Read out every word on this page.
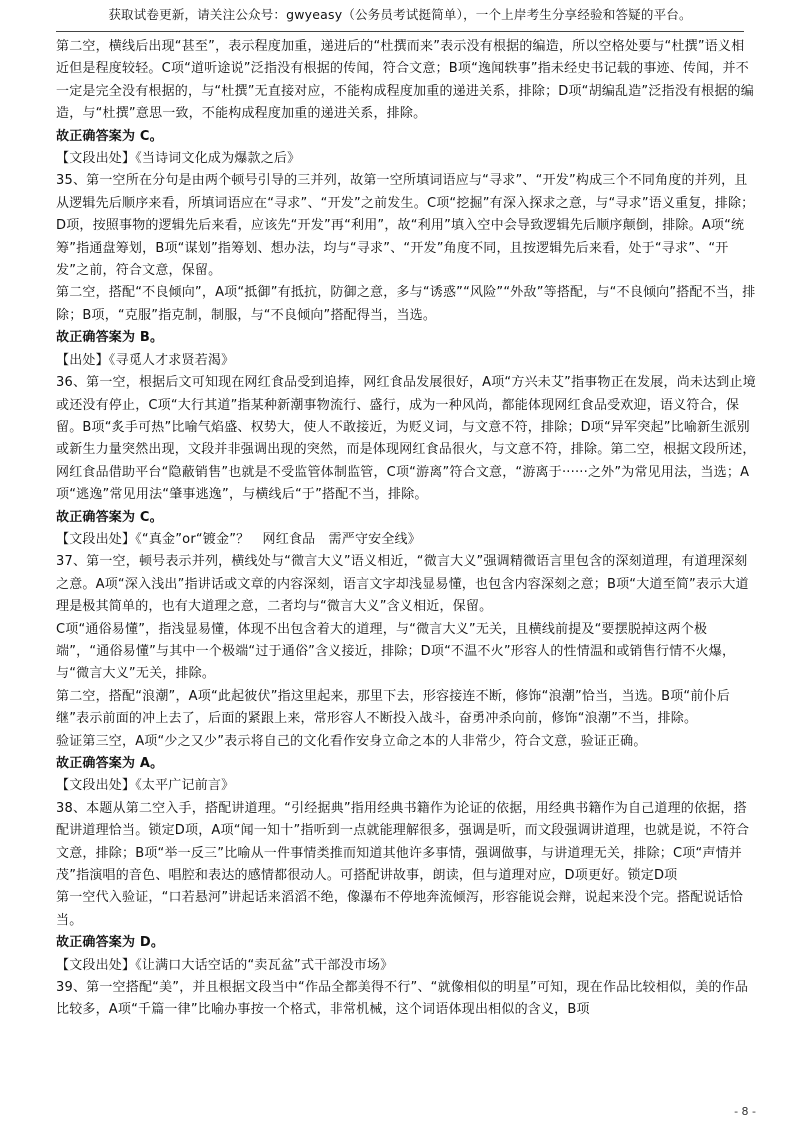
获取试卷更新，请关注公众号：gwyeasy（公务员考试挺简单），一个上岸考生分享经验和答疑的平台。

第二空，横线后出现“甚至”，表示程度加重，递进后的“杜撰而来”表示没有根据的编造，所以空格处要与“杜撰”语义相近但是程度较轻。C项“道听途说”泛指没有根据的传闻，符合文意；B项“逸闻轶事”指未经史书记载的事迹、传闻，并不一定是完全没有根据的，与“杜撰”无直接对应，不能构成程度加重的递进关系，排除；D项“胡编乱造”泛指没有根据的编造，与“杜撰”意思一致，不能构成程度加重的递进关系，排除。

故正确答案为 C。

【文段出处】《当诗词文化成为爆款之后》

35、第一空所在分句是由两个顿号引导的三并列，故第一空所填词语应与“寻求”、“开发”构成三个不同角度的并列，且从逻辑先后顺序来看，所填词语应在“寻求”、“开发”之前发生。C项“挖掘”有深入探求之意，与“寻求”语义重复，排除；D项，按照事物的逻辑先后来看，应该先“开发”再“利用”，故“利用”填入空中会导致逻辑先后顺序颠倒，排除。A项“统筹”指通盘筹划，B项“谋划”指筹划、想办法，均与“寻求”、“开发”角度不同，且按逻辑先后来看，处于“寻求”、“开发”之前，符合文意，保留。

第二空，搭配“不良倾向”，A项“抵御”有抵抗，防御之意，多与“诱惑”“风险”“外敌”等搭配，与“不良倾向”搭配不当，排除；B项，“克服”指克制，制服，与“不良倾向”搭配得当，当选。

故正确答案为 B。

【出处】《寻觅人才求贤若渴》

36、第一空，根据后文可知现在网红食品受到追捧，网红食品发展很好，A项“方兴未艾”指事物正在发展，尚未达到止境或还没有停止，C项“大行其道”指某种新潮事物流行、盛行，成为一种风尚，都能体现网红食品受欢迎，语义符合，保留。B项“炙手可热”比喻气焰盛、权势大，使人不敢接近，为贬义词，与文意不符，排除；D项“异军突起”比喻新生派别或新生力量突然出现，文段并非强调出现的突然，而是体现网红食品很火，与文意不符，排除。第二空，根据文段所述，网红食品借助平台“隐蔽销售”也就是不受监管体制监管，C项“游离”符合文意，“游离于······之外”为常见用法，当选；A项“逃逸”常见用法“肇事逃逸”，与横线后“于”搭配不当，排除。

故正确答案为 C。

【文段出处】《“真金”or“镀金”？　网红食品　需严守安全线》

37、第一空，顿号表示并列，横线处与“微言大义”语义相近，“微言大义”强调精微语言里包含的深刻道理，有道理深刻之意。A项“深入浅出”指讲话或文章的内容深刻，语言文字却浅显易懂，也包含内容深刻之意；B项“大道至简”表示大道理是极其简单的，也有大道理之意，二者均与“微言大义”含义相近，保留。

C项“通俗易懂”，指浅显易懂，体现不出包含着大的道理，与“微言大义”无关，且横线前提及“要摆脱掉这两个极端”，“通俗易懂”与其中一个极端“过于通俗”含义接近，排除；D项“不温不火”形容人的性情温和或销售行情不火爆，与“微言大义”无关，排除。

第二空，搭配“浪潮”，A项“此起彼伏”指这里起来，那里下去，形容接连不断，修饰“浪潮”恰当，当选。B项“前仆后继”表示前面的冲上去了，后面的紧跟上来，常形容人不断投入战斗，奋勇冲杀向前，修饰“浪潮”不当，排除。

验证第三空，A项“少之又少”表示将自己的文化看作安身立命之本的人非常少，符合文意，验证正确。

故正确答案为 A。

【文段出处】《太平广记前言》

38、本题从第二空入手，搭配讲道理。“引经据典”指用经典书籍作为论证的依据，用经典书籍作为自己道理的依据，搭配讲道理恰当。锁定D项，A项“闻一知十”指听到一点就能理解很多，强调是听，而文段强调讲道理，也就是说，不符合文意，排除；B项“举一反三”比喻从一件事情类推而知道其他许多事情，强调做事，与讲道理无关，排除；C项“声情并茂”指演唱的音色、唱腔和表达的感情都很动人。可搭配讲故事，朗读，但与道理对应，D项更好。锁定D项

第一空代入验证，“口若悬河”讲起话来滔滔不绝，像瀑布不停地奔流倾泻，形容能说会辩，说起来没个完。搭配说话恰当。

故正确答案为 D。

【文段出处】《让满口大话空话的“卖瓦盆”式干部没市场》

39、第一空搭配“美”，并且根据文段当中“作品全都美得不行”、“就像相似的明星”可知，现在作品比较相似，美的作品比较多，A项“千篇一律”比喻办事按一个格式，非常机械，这个词语体现出相似的含义，B项

- 8 -
